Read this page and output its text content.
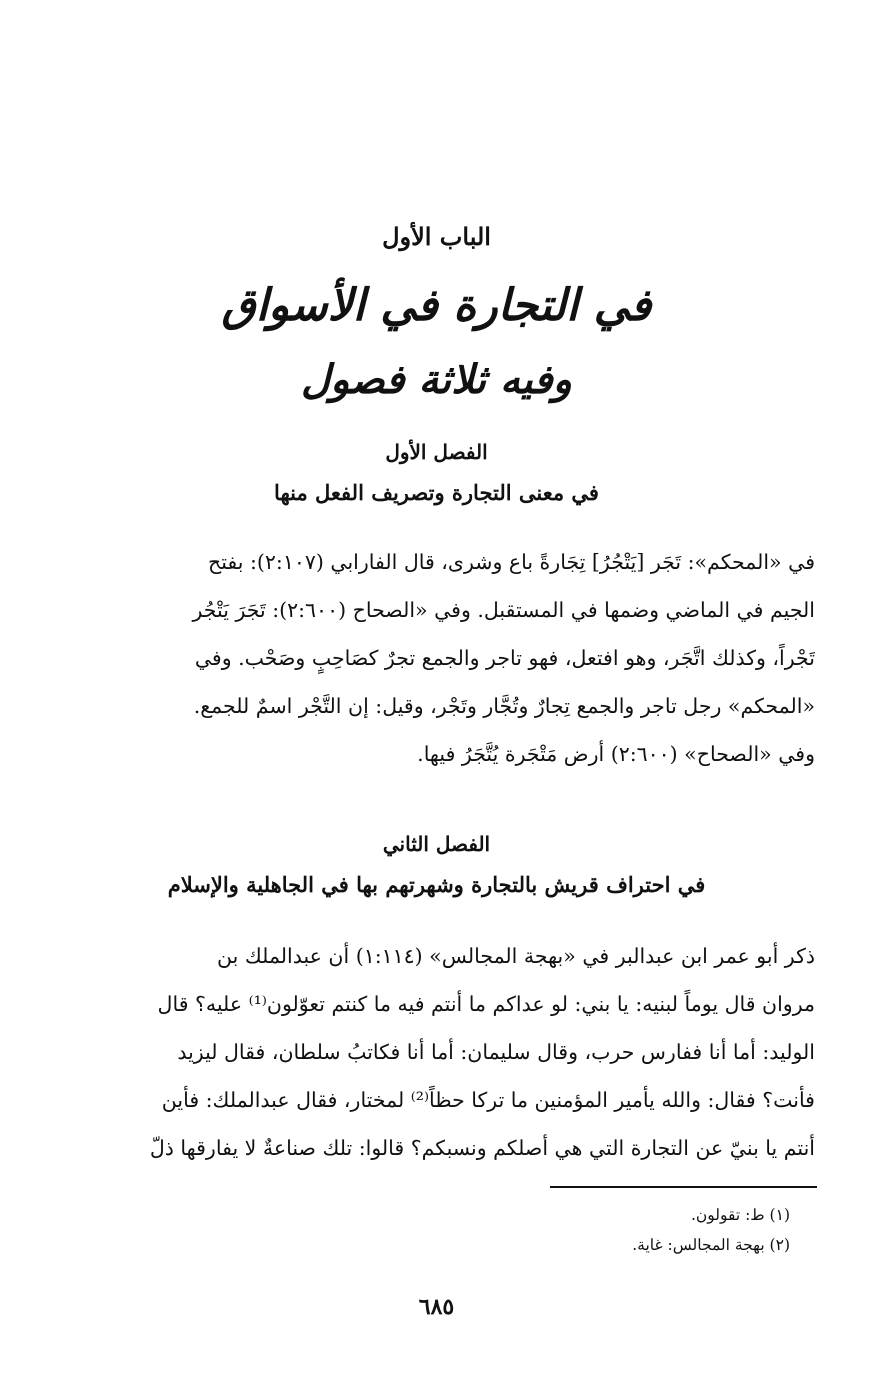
الباب الأول
في التجارة في الأسواق
وفيه ثلاثة فصول
الفصل الأول
في معنى التجارة وتصريف الفعل منها
في «المحكم»: تَجَر [يَتْجُرُ] تِجَارةً باع وشرى، قال الفارابي (٢:١٠٧): بفتح
الجيم في الماضي وضمها في المستقبل. وفي «الصحاح (٢:٦٠٠): تَجَرَ يَتْجُر
تَجْراً، وكذلك اتَّجَر، وهو افتعل، فهو تاجر والجمع تجرٌ كصَاحِبٍ وصَحْب. وفي
«المحكم» رجل تاجر والجمع تِجارٌ وتُجَّار وتَجْر، وقيل: إن التَّجْر اسمٌ للجمع.
وفي «الصحاح» (٢:٦٠٠) أرض مَتْجَرة يُتَّجَرُ فيها.
الفصل الثاني
في احتراف قريش بالتجارة وشهرتهم بها في الجاهلية والإسلام
ذكر أبو عمر ابن عبدالبر في «بهجة المجالس» (١:١١٤) أن عبدالملك بن
مروان قال يوماً لبنيه: يا بني: لو عداكم ما أنتم فيه ما كنتم تعوّلون⁽¹⁾ عليه؟ قال
الوليد: أما أنا ففارس حرب، وقال سليمان: أما أنا فكاتبُ سلطان، فقال ليزيد
فأنت؟ فقال: والله يأمير المؤمنين ما تركا حظاً⁽²⁾ لمختار، فقال عبدالملك: فأين
أنتم يا بنيّ عن التجارة التي هي أصلكم ونسبكم؟ قالوا: تلك صناعةٌ لا يفارقها ذلّ
(١) ط: تقولون.
(٢) بهجة المجالس: غاية.
٦٨٥
